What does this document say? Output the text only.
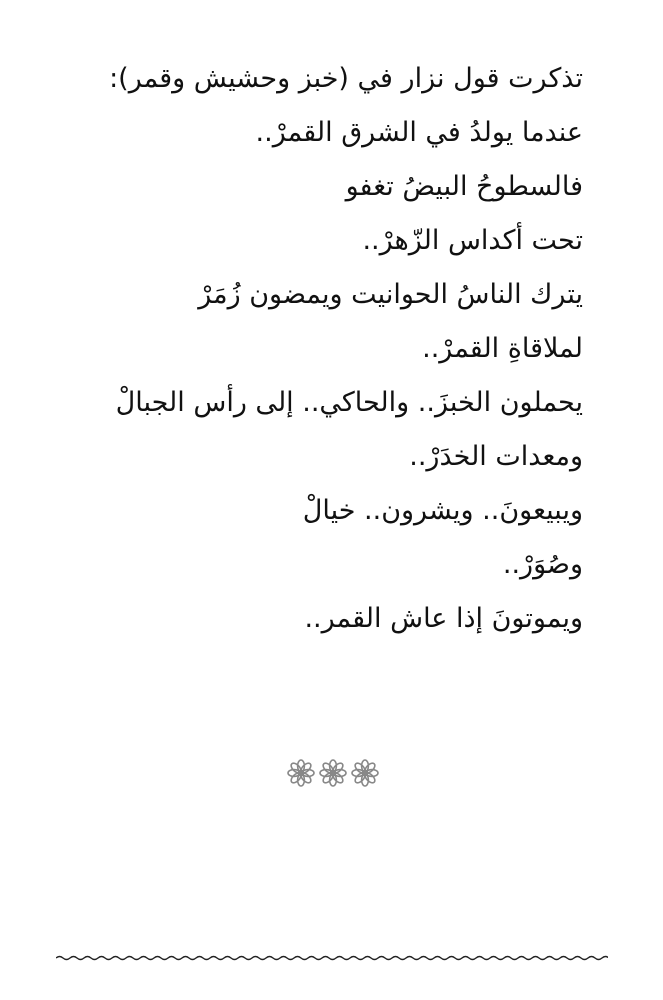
تذكرت قول نزار في (خبز وحشيش وقمر):
عندما يولدُ في الشرق القمرْ..
فالسطوحُ البيضُ تغفو
تحت أكداس الزّهرْ..
يترك الناسُ الحوانيت ويمضون زُمَرْ
لملاقاةِ القمرْ..
يحملون الخبزَ.. والحاكي.. إلى رأس الجبالْ
ومعدات الخدَرْ..
ويبيعونَ.. ويشرون.. خيالْ
وصُوَرْ..
ويموتونَ إذا عاش القمر..
